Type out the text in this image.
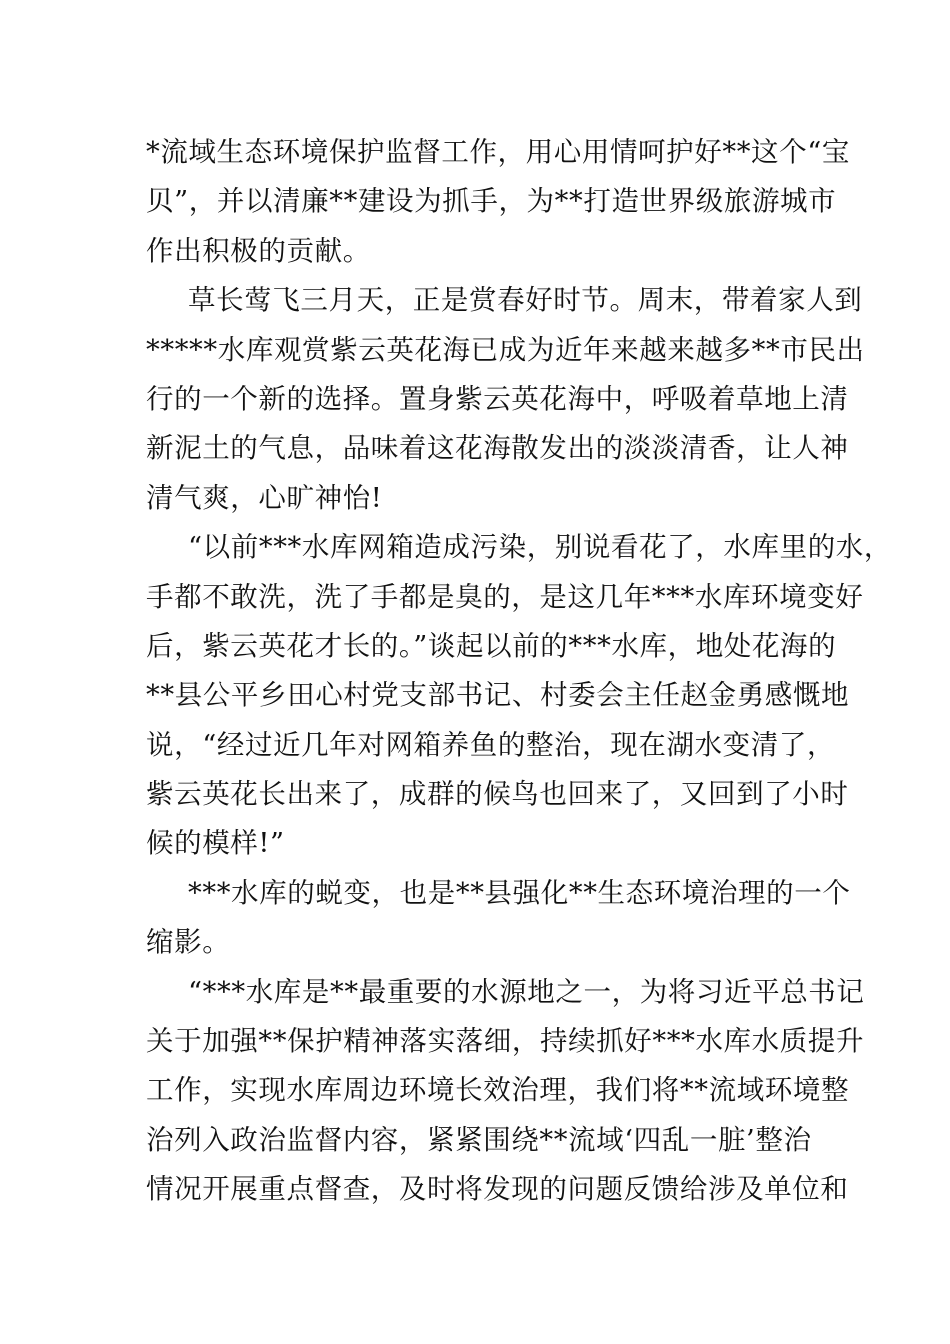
*流域生态环境保护监督工作，用心用情呵护好**这个“宝
贝”，并以清廉**建设为抓手，为**打造世界级旅游城市
作出积极的贡献。
草长莺飞三月天，正是赏春好时节。周末，带着家人到
*****水库观赏紫云英花海已成为近年来越来越多**市民出
行的一个新的选择。置身紫云英花海中，呼吸着草地上清
新泥土的气息，品味着这花海散发出的淡淡清香，让人神
清气爽，心旷神怡!
“以前***水库网箱造成污染，别说看花了，水库里的水，
手都不敢洗，洗了手都是臭的，是这几年***水库环境变好
后，紫云英花才长的。”谈起以前的***水库，地处花海的
**县公平乡田心村党支部书记、村委会主任赵金勇感慨地
说，“经过近几年对网箱养鱼的整治，现在湖水变清了，
紫云英花长出来了，成群的候鸟也回来了，又回到了小时
候的模样!”
***水库的蜕变，也是**县强化**生态环境治理的一个
缩影。
“***水库是**最重要的水源地之一，为将习近平总书记
关于加强**保护精神落实落细，持续抓好***水库水质提升
工作，实现水库周边环境长效治理，我们将**流域环境整
治列入政治监督内容，紧紧围绕**流域‘四乱一脏’整治
情况开展重点督查，及时将发现的问题反馈给涉及单位和
